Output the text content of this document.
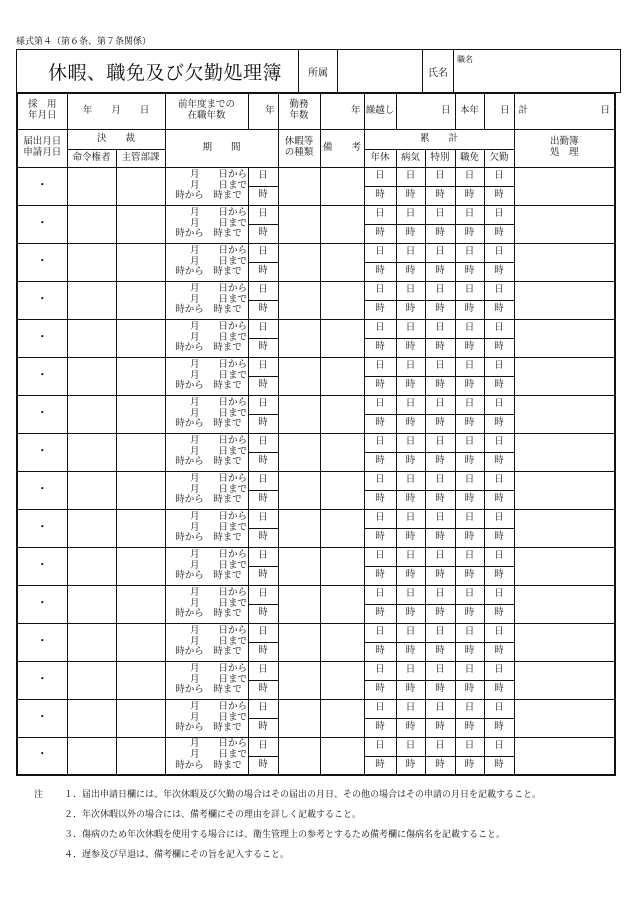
様式第４（第６条、第７条関係）
休暇、職免及び欠勤処理簿	所属		氏名	$_{職名}$
採　用
年月日	年　　月　　日		前年度までの
在職年数	年	勤務
年数	年	繰越し	日		本年	日	計 日

届出月日
申請月日	決　　裁		期　　間		休暇等
の種類	備　　考	累　　計					出勤簿
処　理
	命令権者	主管部課					年休	病気	特別	職免	欠勤	
・			月　　日から
月　　日まで
時から　時まで	日			日	日	日	日	日	
				時			時	時	時	時	時	
・			月　　日から
月　　日まで
時から　時まで	日			日	日	日	日	日	
				時			時	時	時	時	時	
・			月　　日から
月　　日まで
時から　時まで	日			日	日	日	日	日	
				時			時	時	時	時	時	
・			月　　日から
月　　日まで
時から　時まで	日			日	日	日	日	日	
				時			時	時	時	時	時	
・			月　　日から
月　　日まで
時から　時まで	日			日	日	日	日	日	
				時			時	時	時	時	時	
・			月　　日から
月　　日まで
時から　時まで	日			日	日	日	日	日	
				時			時	時	時	時	時	
・			月　　日から
月　　日まで
時から　時まで	日			日	日	日	日	日	
				時			時	時	時	時	時	
・			月　　日から
月　　日まで
時から　時まで	日			日	日	日	日	日	
				時			時	時	時	時	時	
・			月　　日から
月　　日まで
時から　時まで	日			日	日	日	日	日	
				時			時	時	時	時	時	
・			月　　日から
月　　日まで
時から　時まで	日			日	日	日	日	日	
				時			時	時	時	時	時	
・			月　　日から
月　　日まで
時から　時まで	日			日	日	日	日	日	
				時			時	時	時	時	時	
・			月　　日から
月　　日まで
時から　時まで	日			日	日	日	日	日	
				時			時	時	時	時	時	
・			月　　日から
月　　日まで
時から　時まで	日			日	日	日	日	日	
				時			時	時	時	時	時	
・			月　　日から
月　　日まで
時から　時まで	日			日	日	日	日	日	
				時			時	時	時	時	時	
・			月　　日から
月　　日まで
時から　時まで	日			日	日	日	日	日	
				時			時	時	時	時	時	
・			月　　日から
月　　日まで
時から　時まで	日			日	日	日	日	日	
				時			時	時	時	時	時	
注 １．届出申請日欄には、年次休暇及び欠勤の場合はその届出の月日、その他の場合はその申請の月日を記載すること。
２．年次休暇以外の場合には、備考欄にその理由を詳しく記載すること。
３．傷病のため年次休暇を使用する場合には、衛生管理上の参考とするため備考欄に傷病名を記載すること。
４．遅参及び早退は、備考欄にその旨を記入すること。
